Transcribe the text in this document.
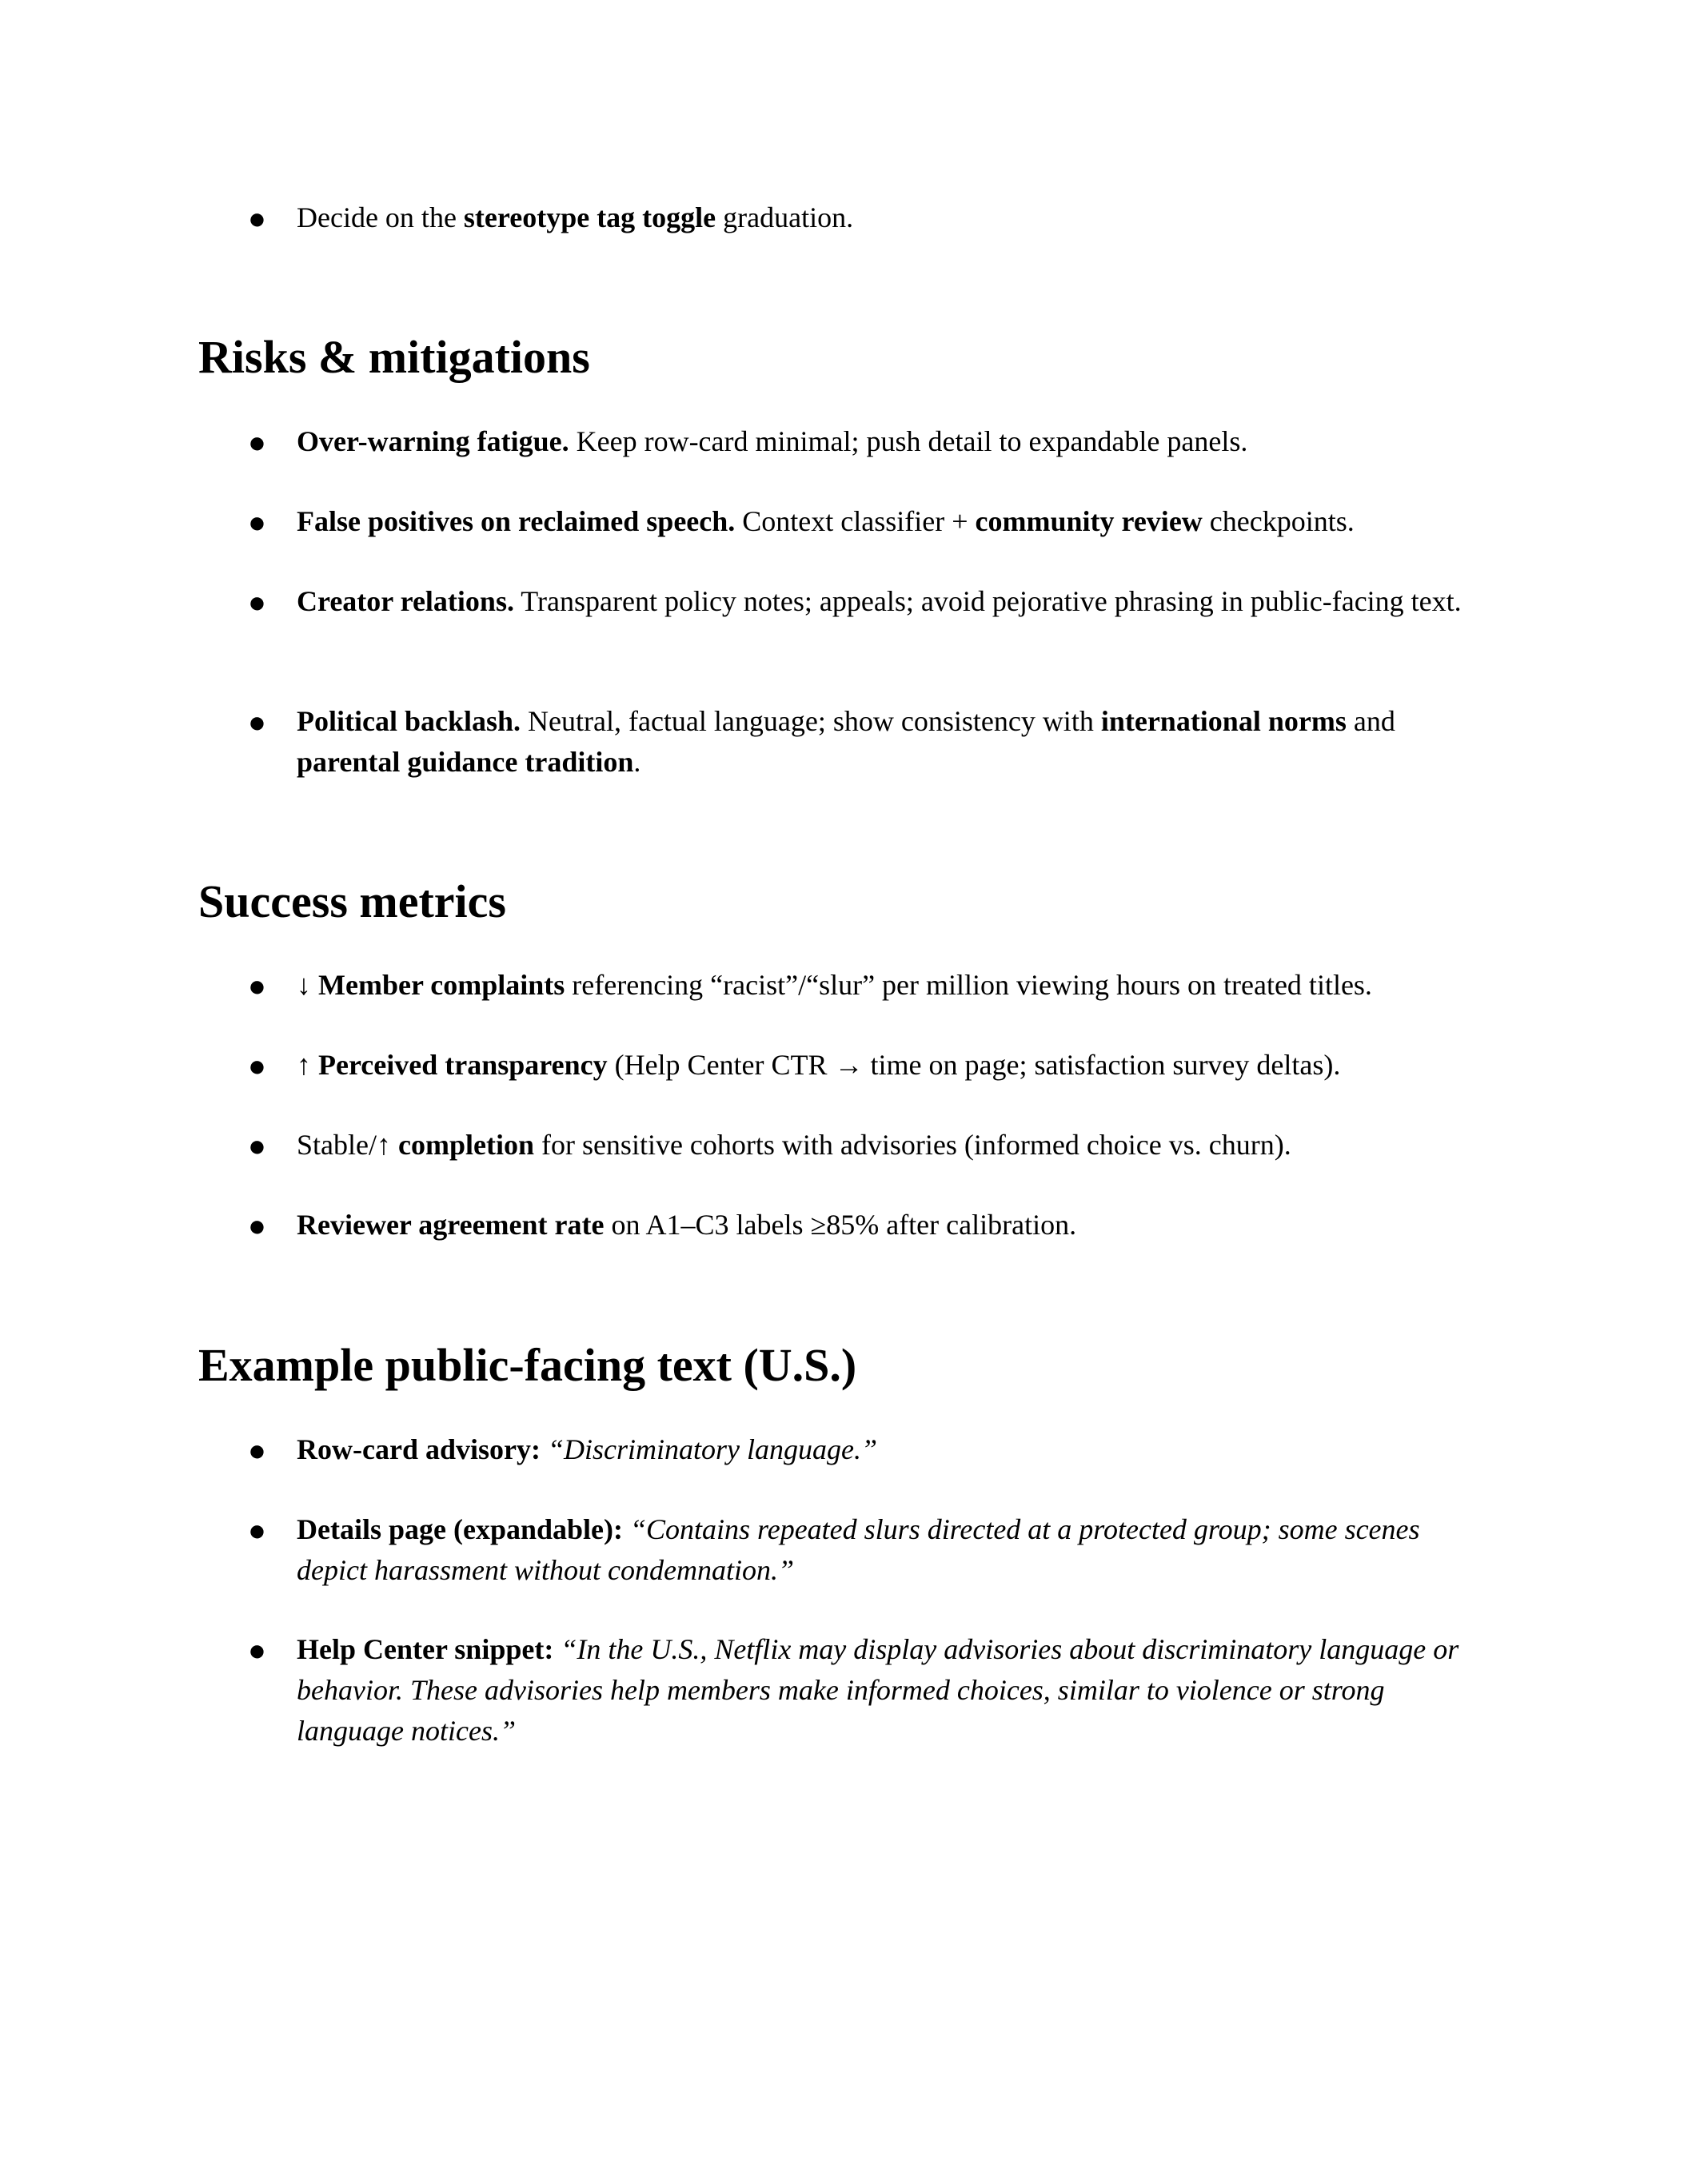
● Decide on the stereotype tag toggle graduation.
Risks & mitigations
● Over-warning fatigue. Keep row-card minimal; push detail to expandable panels.
● False positives on reclaimed speech. Context classifier + community review checkpoints.
● Creator relations. Transparent policy notes; appeals; avoid pejorative phrasing in public-facing text.
● Political backlash. Neutral, factual language; show consistency with international norms and parental guidance tradition.
Success metrics
● ↓ Member complaints referencing “racist”/“slur” per million viewing hours on treated titles.
● ↑ Perceived transparency (Help Center CTR → time on page; satisfaction survey deltas).
● Stable/↑ completion for sensitive cohorts with advisories (informed choice vs. churn).
● Reviewer agreement rate on A1–C3 labels ≥85% after calibration.
Example public-facing text (U.S.)
● Row-card advisory: “Discriminatory language.”
● Details page (expandable): “Contains repeated slurs directed at a protected group; some scenes depict harassment without condemnation.”
● Help Center snippet: “In the U.S., Netflix may display advisories about discriminatory language or behavior. These advisories help members make informed choices, similar to violence or strong language notices.”
